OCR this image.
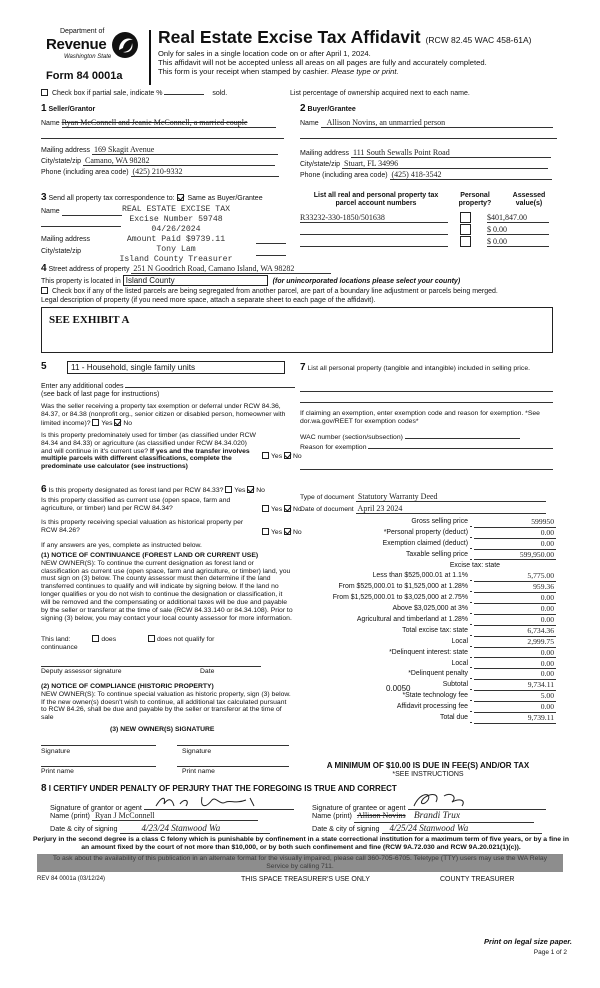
Department of
Revenue
Washington State
Form 84 0001a
Real Estate Excise Tax Affidavit (RCW 82.45 WAC 458-61A)
Only for sales in a single location code on or after April 1, 2024.
This affidavit will not be accepted unless all areas on all pages are fully and accurately completed.
This form is your receipt when stamped by cashier. Please type or print.
Check box if partial sale, indicate %	sold.	List percentage of ownership acquired next to each name.
1 Seller/Grantor
Name Ryan McConnell and Jeanie McConnell, a married couple
Mailing address 169 Skagit Avenue
City/state/zip Camano, WA 98282
Phone (including area code) (425) 210-9332
2 Buyer/Grantee
Name Allison Novins, an unmarried person
Mailing address 111 South Sewalls Point Road
City/state/zip Stuart, FL 34996
Phone (including area code) (425) 418-3542
3 Send all property tax correspondence to: Same as Buyer/Grantee
Name
Mailing address
City/state/zip
REAL ESTATE EXCISE TAX
Excise Number 59748
04/26/2024
Amount Paid $9739.11
Tony Lam
Island County Treasurer
List all real and personal property tax parcel account numbers
Personal property?
Assessed value(s)
R33232-330-1850/501638	$401,847.00
$ 0.00
$ 0.00
4 Street address of property 251 N Goodrich Road, Camano Island, WA 98282
This property is located in Island County	(for unincorporated locations please select your county)
Check box if any of the listed parcels are being segregated from another parcel, are part of a boundary line adjustment or parcels being merged.
Legal description of property (if you need more space, attach a separate sheet to each page of the affidavit).
SEE EXHIBIT A
5	11 - Household, single family units
Enter any additional codes
(see back of last page for instructions)
Was the seller receiving a property tax exemption or deferral under RCW 84.36, 84.37, or 84.38 (nonprofit org., senior citizen or disabled person, homeowner with limited income)? Yes No
Is this property predominately used for timber (as classified under RCW 84.34 and 84.33) or agriculture (as classified under RCW 84.34.020) and will continue in it's current use? If yes and the transfer involves multiple parcels with different classifications, complete the predominate use calculator (see instructions)
Yes No
6 Is this property designated as forest land per RCW 84.33? Yes No
Is this property classified as current use (open space, farm and agriculture, or timber) land per RCW 84.34?	Yes No
Is this property receiving special valuation as historical property per RCW 84.26?	Yes No
If any answers are yes, complete as instructed below.
(1) NOTICE OF CONTINUANCE (FOREST LAND OR CURRENT USE)
NEW OWNER(S): To continue the current designation as forest land or classification as current use (open space, farm and agriculture, or timber) land, you must sign on (3) below. The county assessor must then determine if the land transferred continues to qualify and will indicate by signing below. If the land no longer qualifies or you do not wish to continue the designation or classification, it will be removed and the compensating or additional taxes will be due and payable by the seller or transferor at the time of sale (RCW 84.33.140 or 84.34.108). Prior to signing (3) below, you may contact your local county assessor for more information.
This land:	does	does not qualify for
continuance
Deputy assessor signature	Date
(2) NOTICE OF COMPLIANCE (HISTORIC PROPERTY)
NEW OWNER(S): To continue special valuation as historic property, sign (3) below. If the new owner(s) doesn't wish to continue, all additional tax calculated pursuant to RCW 84.26, shall be due and payable by the seller or transferor at the time of sale
(3) NEW OWNER(S) SIGNATURE
Signature	Signature
Print name	Print name
7 List all personal property (tangible and intangible) included in selling price.
If claiming an exemption, enter exemption code and reason for exemption. *See dor.wa.gov/REET for exemption codes*
WAC number (section/subsection)
Reason for exemption
Type of document Statutory Warranty Deed
Date of document April 23 2024
Gross selling price	599950
*Personal property (deduct)	0.00
Exemption claimed (deduct)	0.00
Taxable selling price	599,950.00
Excise tax: state
Less than $525,000.01 at 1.1%	5,775.00
From $525,000.01 to $1,525,000 at 1.28%	959.36
From $1,525,000.01 to $3,025,000 at 2.75%	0.00
Above $3,025,000 at 3%	0.00
Agricultural and timberland at 1.28%	0.00
Total excise tax: state	6,734.36
Local	2,999.75
*Delinquent interest: state	0.00
Local	0.00
*Delinquent penalty	0.00
Subtotal	9,734.11
*State technology fee	5.00
Affidavit processing fee	0.00
Total due	9,739.11
0.0050
A MINIMUM OF $10.00 IS DUE IN FEE(S) AND/OR TAX
*SEE INSTRUCTIONS
8 I CERTIFY UNDER PENALTY OF PERJURY THAT THE FOREGOING IS TRUE AND CORRECT
Signature of grantor or agent
Name (print) Ryan J McConnell
Date & city of signing	4/23/24 Stanwood Wa
Signature of grantee or agent
Name (print) Allison Novins Brandi Trux
Date & city of signing 4/25/24 Stanwood Wa
Perjury in the second degree is a class C felony which is punishable by confinement in a state correctional institution for a maximum term of five years, or by a fine in an amount fixed by the court of not more than $10,000, or by both such confinement and fine (RCW 9A.72.030 and RCW 9A.20.021(1)(c)).
To ask about the availability of this publication in an alternate format for the visually impaired, please call 360-705-6705. Teletype (TTY) users may use the WA Relay Service by calling 711.
REV 84 0001a (03/12/24)	THIS SPACE TREASURER'S USE ONLY	COUNTY TREASURER
Print on legal size paper.
Page 1 of 2
